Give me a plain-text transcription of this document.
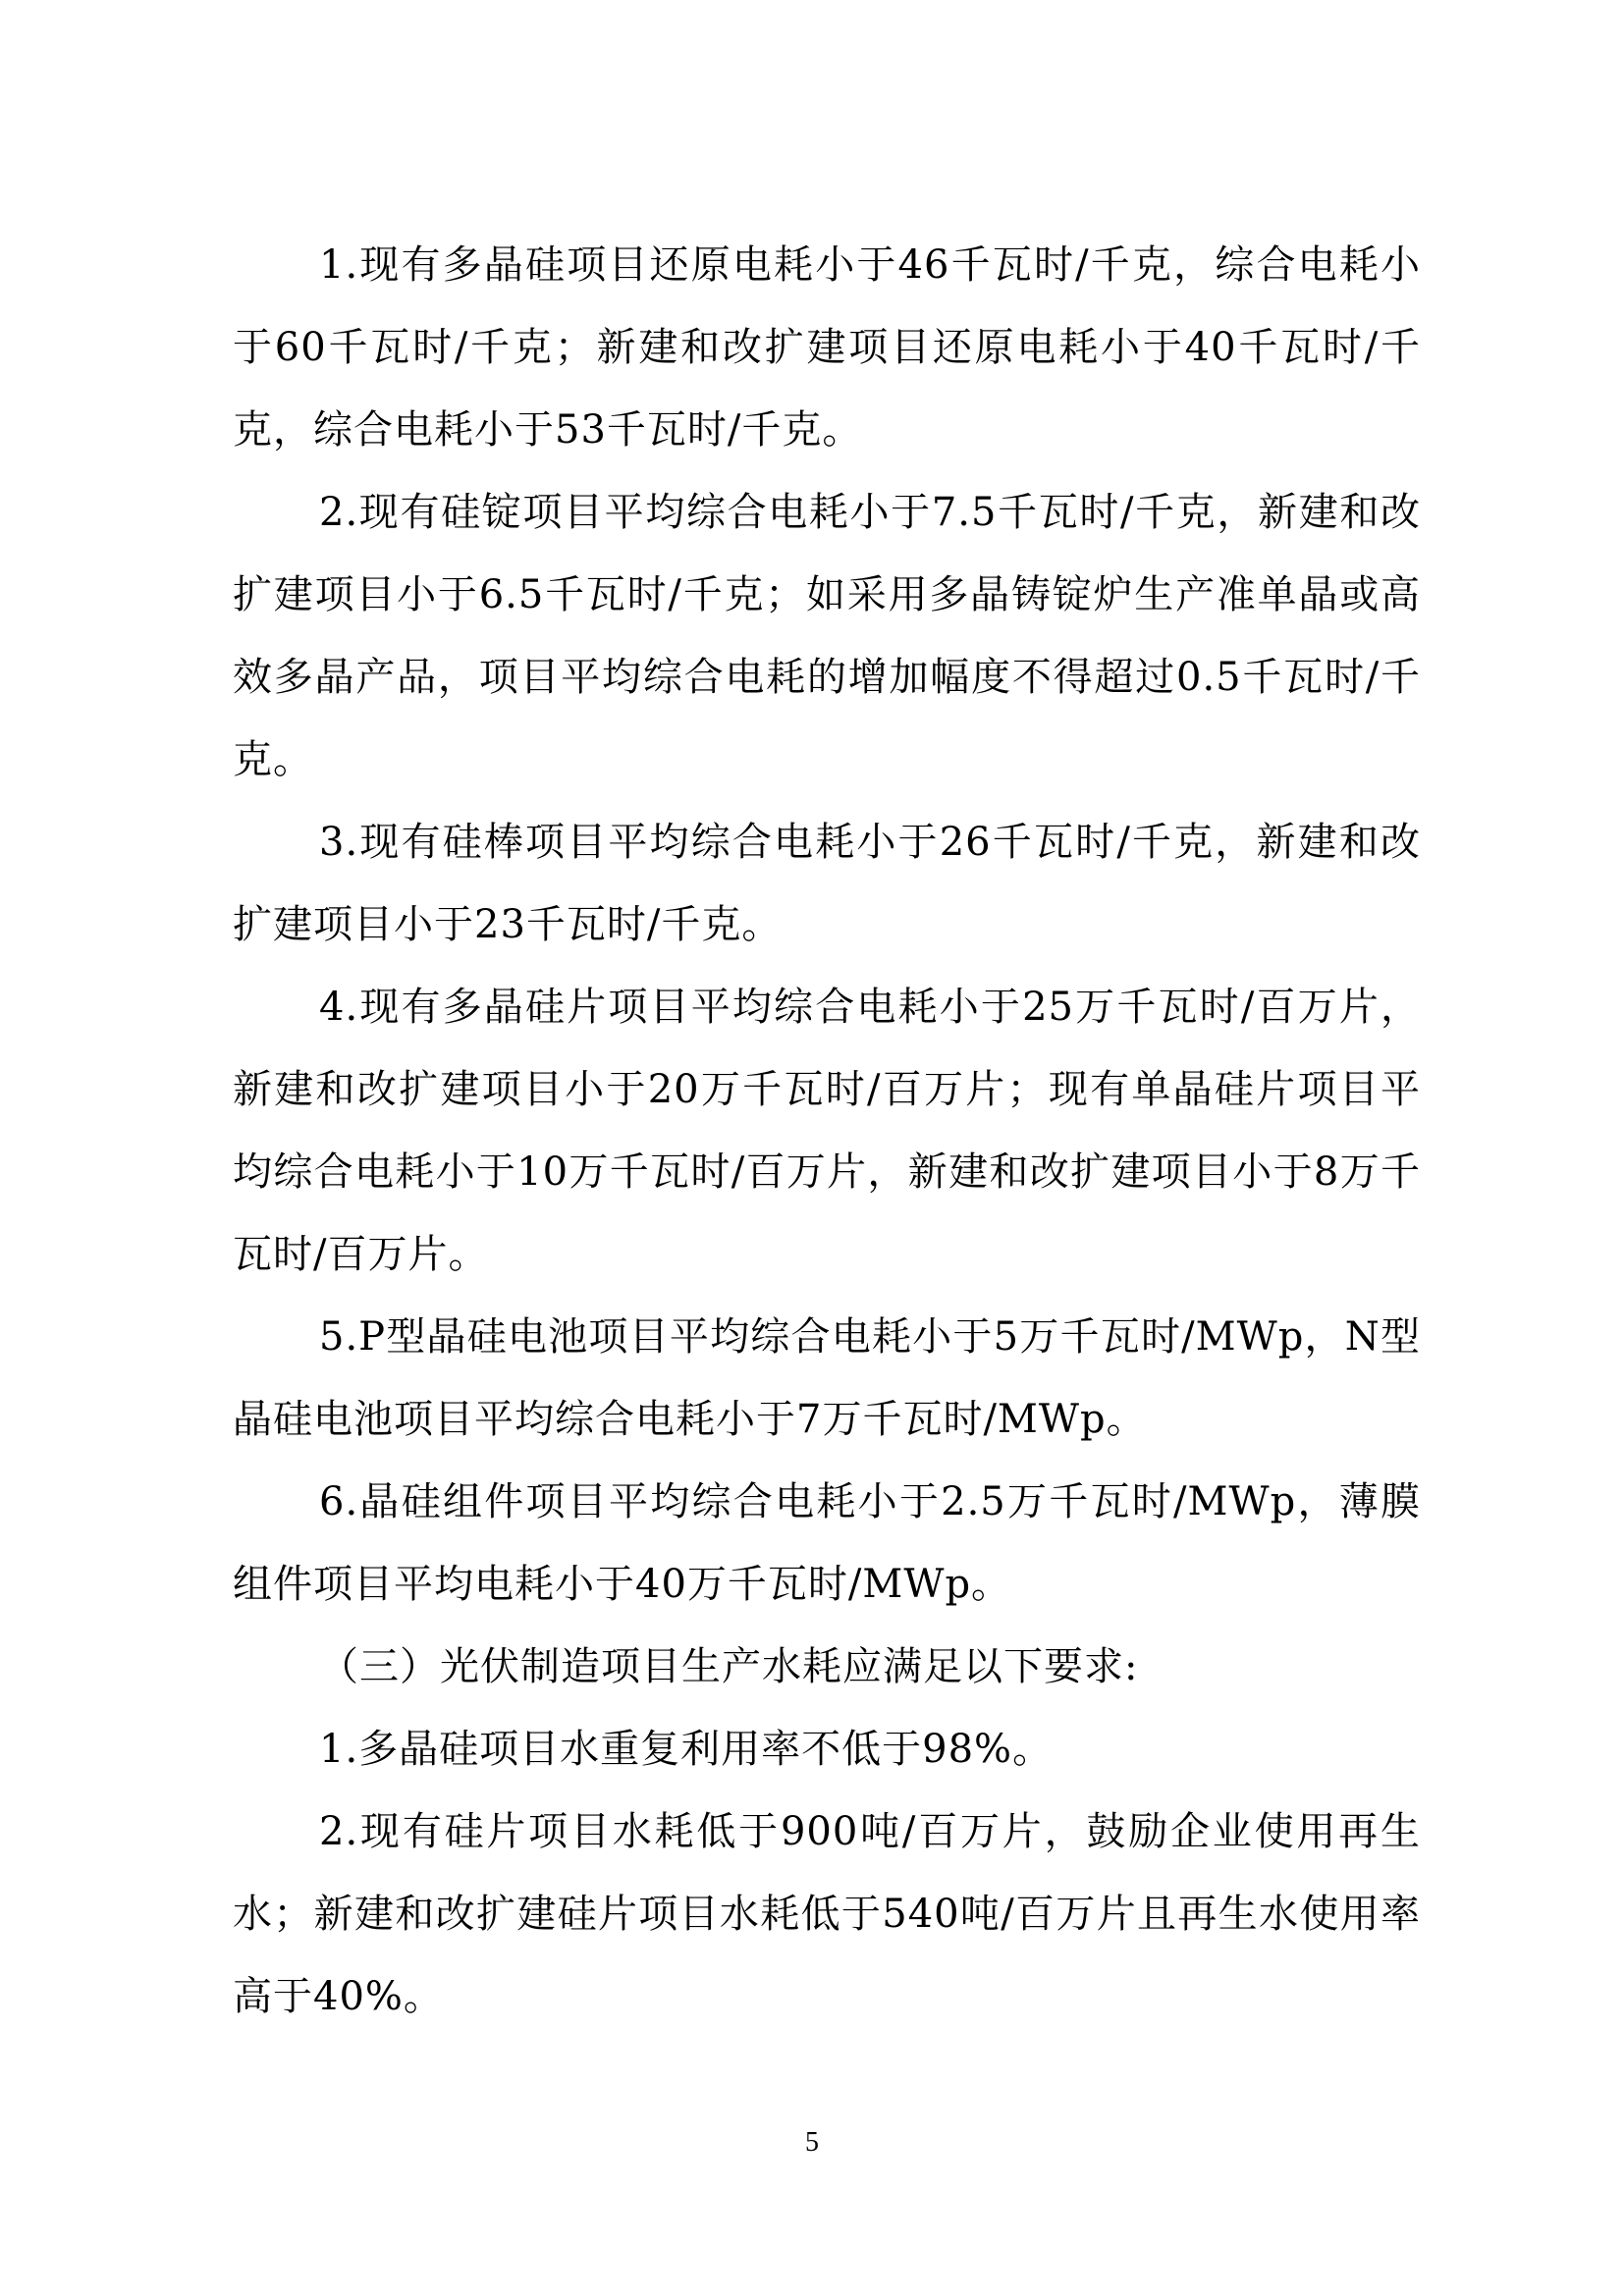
1.现有多晶硅项目还原电耗小于46千瓦时/千克，综合电耗小于60千瓦时/千克；新建和改扩建项目还原电耗小于40千瓦时/千克，综合电耗小于53千瓦时/千克。

2.现有硅锭项目平均综合电耗小于7.5千瓦时/千克，新建和改扩建项目小于6.5千瓦时/千克；如采用多晶铸锭炉生产准单晶或高效多晶产品，项目平均综合电耗的增加幅度不得超过0.5千瓦时/千克。

3.现有硅棒项目平均综合电耗小于26千瓦时/千克，新建和改扩建项目小于23千瓦时/千克。

4.现有多晶硅片项目平均综合电耗小于25万千瓦时/百万片，新建和改扩建项目小于20万千瓦时/百万片；现有单晶硅片项目平均综合电耗小于10万千瓦时/百万片，新建和改扩建项目小于8万千瓦时/百万片。

5.P型晶硅电池项目平均综合电耗小于5万千瓦时/MWp，N型晶硅电池项目平均综合电耗小于7万千瓦时/MWp。

6.晶硅组件项目平均综合电耗小于2.5万千瓦时/MWp，薄膜组件项目平均电耗小于40万千瓦时/MWp。

（三）光伏制造项目生产水耗应满足以下要求:

1.多晶硅项目水重复利用率不低于98%。

2.现有硅片项目水耗低于900吨/百万片，鼓励企业使用再生水；新建和改扩建硅片项目水耗低于540吨/百万片且再生水使用率高于40%。

5
